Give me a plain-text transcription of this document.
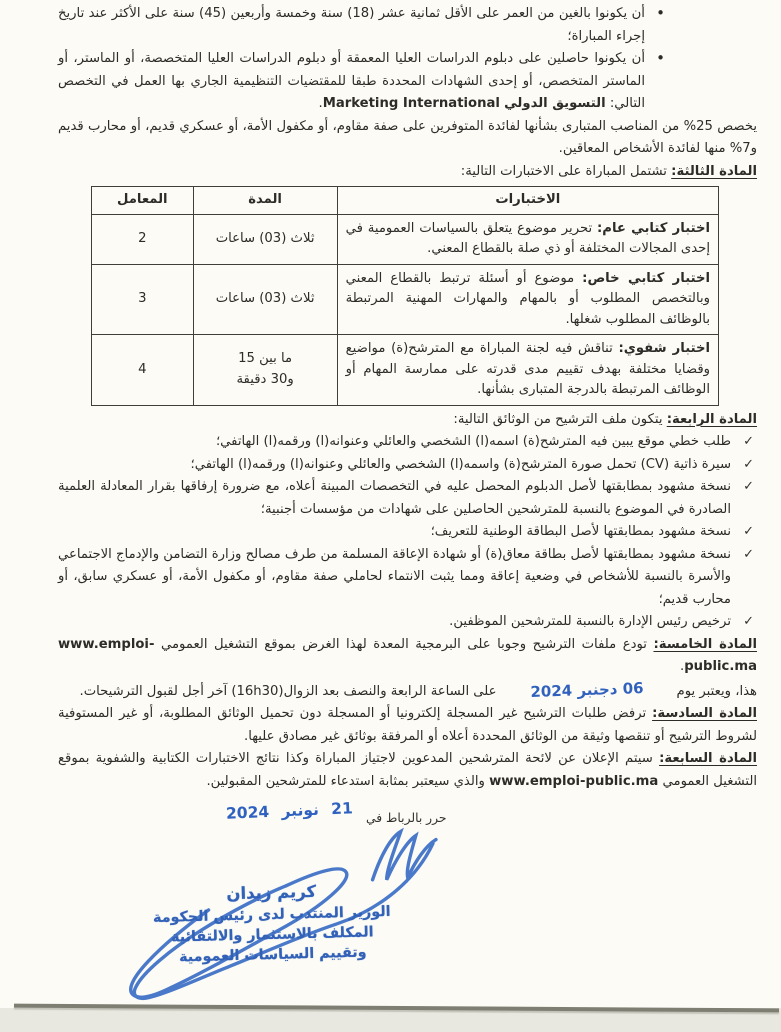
•
أن يكونوا بالغين من العمر على الأقل ثمانية عشر (18) سنة وخمسة وأربعين (45) سنة على الأكثر عند تاريخ إجراء المباراة؛
•
أن يكونوا حاصلين على دبلوم الدراسات العليا المعمقة أو دبلوم الدراسات العليا المتخصصة، أو الماستر، أو الماستر المتخصص، أو إحدى الشهادات المحددة طبقا للمقتضيات التنظيمية الجاري بها العمل في التخصص التالي: التسويق الدولي Marketing International.

يخصص 25% من المناصب المتبارى بشأنها لفائدة المتوفرين على صفة مقاوم، أو مكفول الأمة، أو عسكري قديم، أو محارب قديم و7% منها لفائدة الأشخاص المعاقين.

المادة الثالثة: تشتمل المباراة على الاختبارات التالية:

الاختبارات	المدة	المعامل
اختبار كتابي عام: تحرير موضوع يتعلق بالسياسات العمومية في إحدى المجالات المختلفة أو ذي صلة بالقطاع المعني.	ثلاث (03) ساعات	2
اختبار كتابي خاص: موضوع أو أسئلة ترتبط بالقطاع المعني وبالتخصص المطلوب أو بالمهام والمهارات المهنية المرتبطة بالوظائف المطلوب شغلها.	ثلاث (03) ساعات	3
اختبار شفوي: تناقش فيه لجنة المباراة مع المترشح(ة) مواضيع وقضايا مختلفة بهدف تقييم مدى قدرته على ممارسة المهام أو الوظائف المرتبطة بالدرجة المتبارى بشأنها.	ما بين 15 و30 دقيقة	4

المادة الرابعة: يتكون ملف الترشيح من الوثائق التالية:

✓
طلب خطي موقع يبين فيه المترشح(ة) اسمه(ا) الشخصي والعائلي وعنوانه(ا) ورقمه(ا) الهاتفي؛
✓
سيرة ذاتية (CV) تحمل صورة المترشح(ة) واسمه(ا) الشخصي والعائلي وعنوانه(ا) ورقمه(ا) الهاتفي؛
✓
نسخة مشهود بمطابقتها لأصل الدبلوم المحصل عليه في التخصصات المبينة أعلاه، مع ضرورة إرفاقها بقرار المعادلة العلمية الصادرة في الموضوع بالنسبة للمترشحين الحاصلين على شهادات من مؤسسات أجنبية؛
✓
نسخة مشهود بمطابقتها لأصل البطاقة الوطنية للتعريف؛
✓
نسخة مشهود بمطابقتها لأصل بطاقة معاق(ة) أو شهادة الإعاقة المسلمة من طرف مصالح وزارة التضامن والإدماج الاجتماعي والأسرة بالنسبة للأشخاص في وضعية إعاقة ومما يثبت الانتماء لحاملي صفة مقاوم، أو مكفول الأمة، أو عسكري سابق، أو محارب قديم؛
✓
ترخيص رئيس الإدارة بالنسبة للمترشحين الموظفين.

المادة الخامسة: تودع ملفات الترشيح وجوبا على البرمجية المعدة لهذا الغرض بموقع التشغيل العمومي www.emploi-public.ma.

هذا، ويعتبر يوم
06 دجنبر 2024
على الساعة الرابعة والنصف بعد الزوال(16h30) آخر أجل لقبول الترشيحات.

المادة السادسة: ترفض طلبات الترشيح غير المسجلة إلكترونيا أو المسجلة دون تحميل الوثائق المطلوبة، أو غير المستوفية لشروط الترشيح أو تنقصها وثيقة من الوثائق المحددة أعلاه أو المرفقة بوثائق غير مصادق عليها.

المادة السابعة: سيتم الإعلان عن لائحة المترشحين المدعوين لاجتياز المباراة وكذا نتائج الاختبارات الكتابية والشفوية بموقع التشغيل العمومي www.emploi-public.ma والذي سيعتبر بمثابة استدعاء للمترشحين المقبولين.

حرر بالرباط في
21 نونبر 2024
كريم زيدان
الوزير المنتدب لدى رئيس الحكومة
المكلف بالاستثمار والالتقائية
وتقييم السياسات العمومية
